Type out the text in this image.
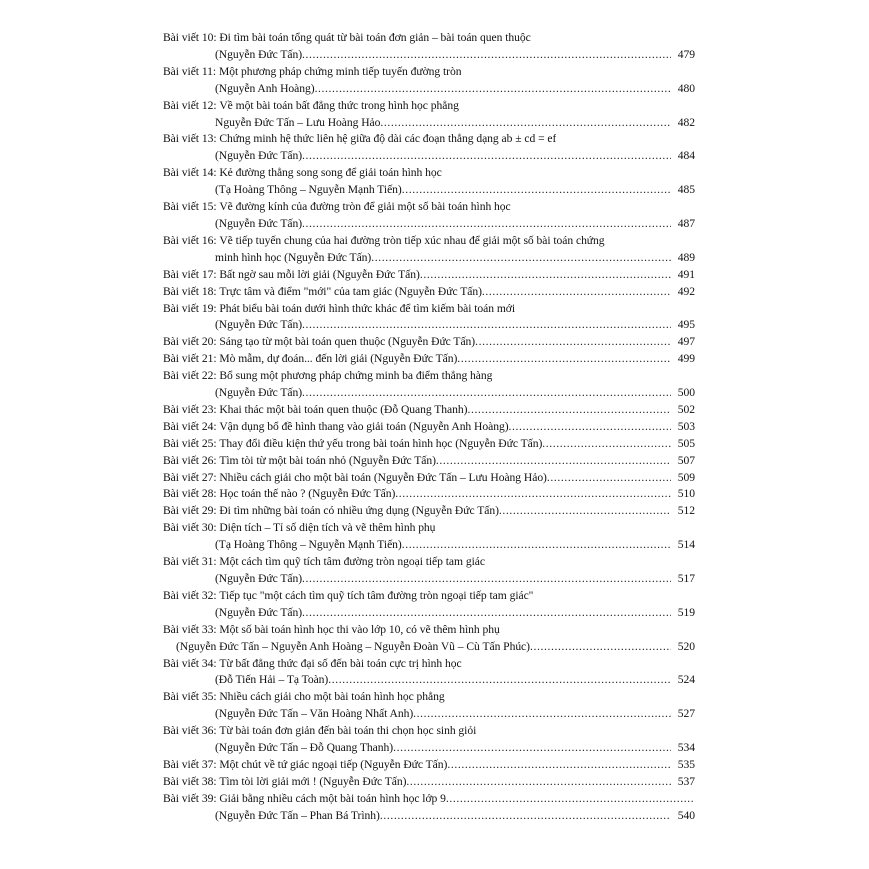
Bài viết 10:
Đi tìm bài toán tổng quát từ bài toán đơn giản – bài toán quen thuộc
(Nguyễn Đức Tấn) .....	479
Bài viết 11:
Một phương pháp chứng minh tiếp tuyến đường tròn
(Nguyễn Anh Hoàng) .....	480
Bài viết 12:
Về một bài toán bất đẳng thức trong hình học phẳng
Nguyễn Đức Tấn – Lưu Hoàng Hảo .....	482
Bài viết 13:
Chứng minh hệ thức liên hệ giữa độ dài các đoạn thẳng dạng ab ± cd = ef
(Nguyễn Đức Tấn) .....	484
Bài viết 14:
Kẻ đường thẳng song song để giải toán hình học
(Tạ Hoàng Thông – Nguyễn Mạnh Tiến) .....	485
Bài viết 15:
Vẽ đường kính của đường tròn để giải một số bài toán hình học
(Nguyễn Đức Tấn) .....	487
Bài viết 16:
Vẽ tiếp tuyến chung của hai đường tròn tiếp xúc nhau để giải một số bài toán chứng
minh hình học (Nguyễn Đức Tấn) .....	489
Bài viết 17:
Bất ngờ sau mỗi lời giải (Nguyễn Đức Tấn) .....	491
Bài viết 18:
Trực tâm và điểm "mới" của tam giác (Nguyễn Đức Tấn) .....	492
Bài viết 19:
Phát biểu bài toán dưới hình thức khác để tìm kiếm bài toán mới
(Nguyễn Đức Tấn) .....	495
Bài viết 20:
Sáng tạo từ một bài toán quen thuộc (Nguyễn Đức Tấn) .....	497
Bài viết 21:
Mò mẫm, dự đoán... đến lời giải (Nguyễn Đức Tấn) .....	499
Bài viết 22:
Bổ sung một phương pháp chứng minh ba điểm thẳng hàng
(Nguyễn Đức Tấn) .....	500
Bài viết 23:
Khai thác một bài toán quen thuộc (Đỗ Quang Thanh) .....	502
Bài viết 24:
Vận dụng bổ đề hình thang vào giải toán (Nguyễn Anh Hoàng) .....	503
Bài viết 25:
Thay đổi điều kiện thứ yếu trong bài toán hình học (Nguyễn Đức Tấn) .....	505
Bài viết 26:
Tìm tòi từ một bài toán nhỏ (Nguyễn Đức Tấn) .....	507
Bài viết 27:
Nhiều cách giải cho một bài toán (Nguyễn Đức Tấn – Lưu Hoàng Hảo) .....	509
Bài viết 28:
Học toán thế nào ? (Nguyễn Đức Tấn) .....	510
Bài viết 29:
Đi tìm những bài toán có nhiều ứng dụng (Nguyễn Đức Tấn) .....	512
Bài viết 30:
Diện tích – Tỉ số diện tích và vẽ thêm hình phụ
(Tạ Hoàng Thông – Nguyễn Mạnh Tiến) .....	514
Bài viết 31:
Một cách tìm quỹ tích tâm đường tròn ngoại tiếp tam giác
(Nguyễn Đức Tấn) .....	517
Bài viết 32:
Tiếp tục "một cách tìm quỹ tích tâm đường tròn ngoại tiếp tam giác"
(Nguyễn Đức Tấn) .....	519
Bài viết 33:
Một số bài toán hình học thi vào lớp 10, có vẽ thêm hình phụ
(Nguyễn Đức Tấn – Nguyễn Anh Hoàng – Nguyễn Đoàn Vũ – Cù Tấn Phúc) .....	520
Bài viết 34:
Từ bất đẳng thức đại số đến bài toán cực trị hình học
(Đỗ Tiến Hải – Tạ Toàn) .....	524
Bài viết 35:
Nhiều cách giải cho một bài toán hình học phẳng
(Nguyễn Đức Tấn – Văn Hoàng Nhất Anh) .....	527
Bài viết 36:
Từ bài toán đơn giản đến bài toán thi chọn học sinh giỏi
(Nguyễn Đức Tấn – Đỗ Quang Thanh) .....	534
Bài viết 37:
Một chút về tứ giác ngoại tiếp (Nguyễn Đức Tấn) .....	535
Bài viết 38:
Tìm tòi lời giải mới ! (Nguyễn Đức Tấn) .....	537
Bài viết 39:
Giải bằng nhiều cách một bài toán hình học lớp 9
.....
(Nguyễn Đức Tấn – Phan Bá Trình) .....	540
